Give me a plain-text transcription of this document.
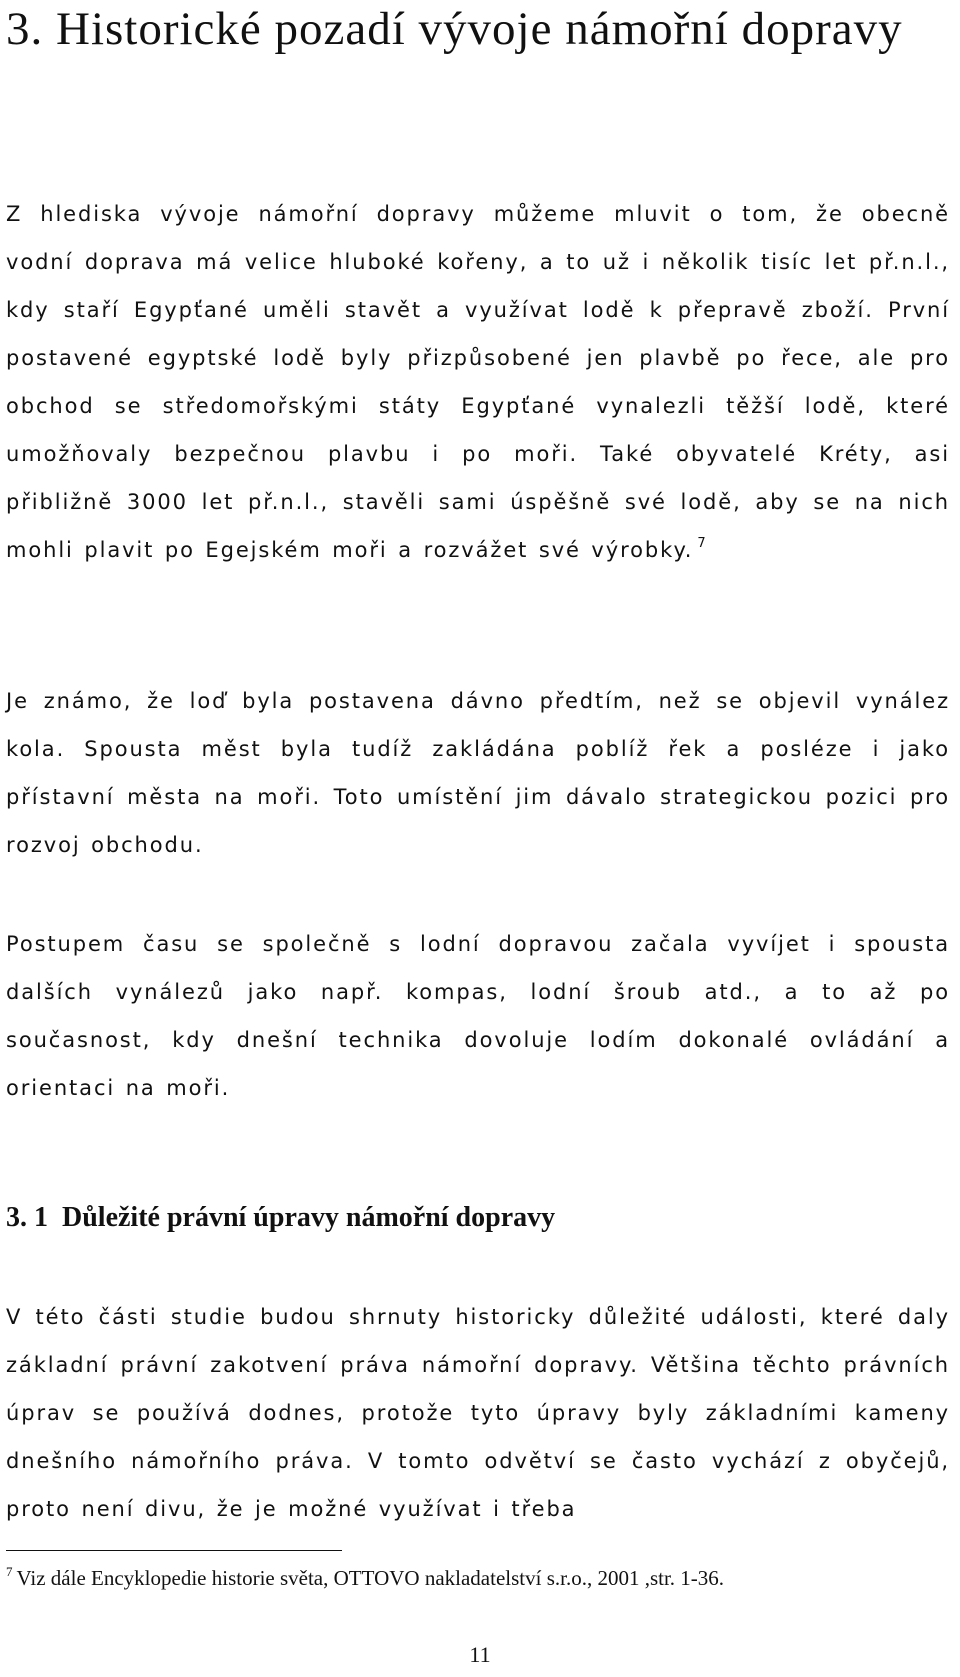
3. Historické pozadí vývoje námořní dopravy

Z hlediska vývoje námořní dopravy můžeme mluvit o tom, že obecně vodní doprava má velice hluboké kořeny, a to už i několik tisíc let př.n.l., kdy staří Egypťané uměli stavět a využívat lodě k přepravě zboží. První postavené egyptské lodě byly přizpůsobené jen plavbě po řece, ale pro obchod se středomořskými státy Egypťané vynalezli těžší lodě, které umožňovaly bezpečnou plavbu i po moři. Také obyvatelé Kréty, asi přibližně 3000 let př.n.l., stavěli sami úspěšně své lodě, aby se na nich mohli plavit po Egejském moři a rozvážet své výrobky. $^7$

Je známo, že loď byla postavena dávno předtím, než se objevil vynález kola. Spousta měst byla tudíž zakládána poblíž řek a posléze i jako přístavní města na moři. Toto umístění jim dávalo strategickou pozici pro rozvoj obchodu.

Postupem času se společně s lodní dopravou začala vyvíjet i spousta dalších vynálezů jako např. kompas, lodní šroub atd., a to až po současnost, kdy dnešní technika dovoluje lodím dokonalé ovládání a orientaci na moři.

3. 1 Důležité právní úpravy námořní dopravy

V této části studie budou shrnuty historicky důležité události, které daly základní právní zakotvení práva námořní dopravy. Většina těchto právních úprav se používá dodnes, protože tyto úpravy byly základními kameny dnešního námořního práva. V tomto odvětví se často vychází z obyčejů, proto není divu, že je možné využívat i třeba

$^7$ Viz dále Encyklopedie historie světa, OTTOVO nakladatelství s.r.o., 2001 ,str. 1-36.

11
